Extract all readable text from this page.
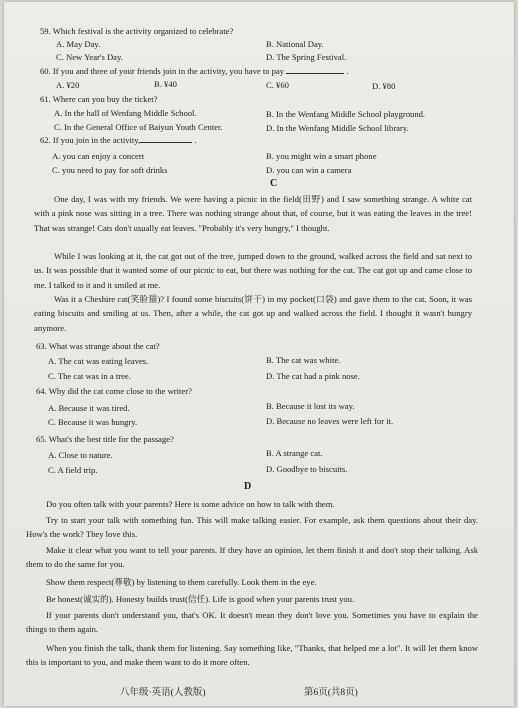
59. Which festival is the activity organized to celebrate?
A. May Day.	B. National Day.
C. New Year's Day.	D. The Spring Festival.
60. If you and three of your friends join in the activity, you have to pay	.
A. ¥20	B. ¥40	C. ¥60	D. ¥80
61. Where can you buy the ticket?
A. In the hall of Wenfang Middle School.	B. In the Wenfang Middle School playground.
C. In the General Office of Baiyun Youth Center.	D. In the Wenfang Middle School library.
62. If you join in the activity,	.
A. you can enjoy a concert	B. you might win a smart phone
C. you need to pay for soft drinks	D. you can win a camera
C
One day, I was with my friends. We were having a picnic in the field(田野) and I saw something strange. A white cat with a pink nose was sitting in a tree. There was nothing strange about that, of course, but it was eating the leaves in the tree! That was strange! Cats don't usually eat leaves. "Probably it's very hungry," I thought.
While I was looking at it, the cat got out of the tree, jumped down to the ground, walked across the field and sat next to us. It was possible that it wanted some of our picnic to eat, but there was nothing for the cat. The cat got up and came close to me. I talked to it and it smiled at me.
Was it a Cheshire cat(笑脸猫)? I found some biscuits(饼干) in my pocket(口袋) and gave them to the cat. Soon, it was eating biscuits and smiling at us. Then, after a while, the cat got up and walked across the field. I thought it wasn't hungry anymore.
63. What was strange about the cat?
A. The cat was eating leaves.	B. The cat was white.
C. The cat was in a tree.	D. The cat had a pink nose.
64. Why did the cat come close to the writer?
A. Because it was tired.	B. Because it lost its way.
C. Because it was hungry.	D. Because no leaves were left for it.
65. What's the best title for the passage?
A. Close to nature.	B. A strange cat.
C. A field trip.	D. Goodbye to biscuits.
D
Do you often talk with your parents? Here is some advice on how to talk with them.
Try to start your talk with something fun. This will make talking easier. For example, ask them questions about their day. How's the work? They love this.
Make it clear what you want to tell your parents. If they have an opinion, let them finish it and don't stop their talking. Ask them to do the same for you.
Show them respect(尊敬) by listening to them carefully. Look them in the eye.
Be honest(诚实的). Honesty builds trust(信任). Life is good when your parents trust you.
If your parents don't understand you, that's OK. It doesn't mean they don't love you. Sometimes you have to explain the things to them again.
When you finish the talk, thank them for listening. Say something like, "Thanks, that helped me a lot". It will let them know this is important to you, and make them want to do it more often.
八年级·英语(人教版)	第6页(共8页)
